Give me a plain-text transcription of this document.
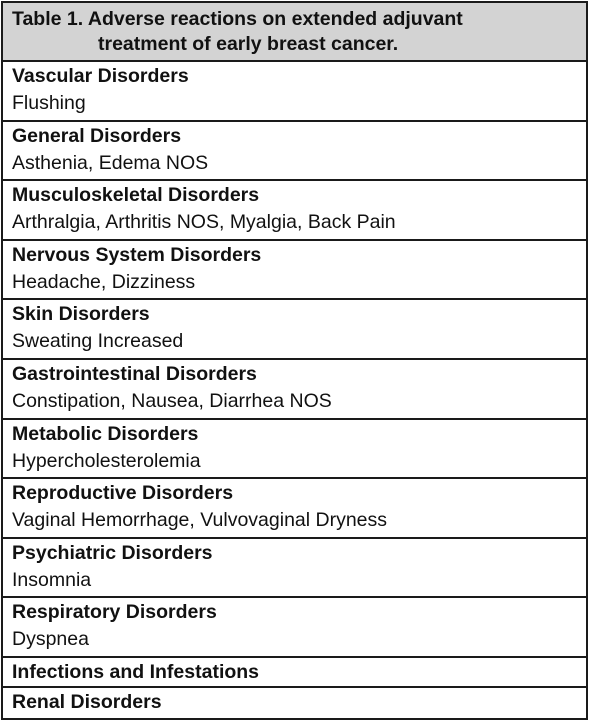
Table 1. Adverse reactions on extended adjuvant
treatment of early breast cancer.
Vascular Disorders
Flushing
General Disorders
Asthenia, Edema NOS
Musculoskeletal Disorders
Arthralgia, Arthritis NOS, Myalgia, Back Pain
Nervous System Disorders
Headache, Dizziness
Skin Disorders
Sweating Increased
Gastrointestinal Disorders
Constipation, Nausea, Diarrhea NOS
Metabolic Disorders
Hypercholesterolemia
Reproductive Disorders
Vaginal Hemorrhage, Vulvovaginal Dryness
Psychiatric Disorders
Insomnia
Respiratory Disorders
Dyspnea
Infections and Infestations
Renal Disorders
